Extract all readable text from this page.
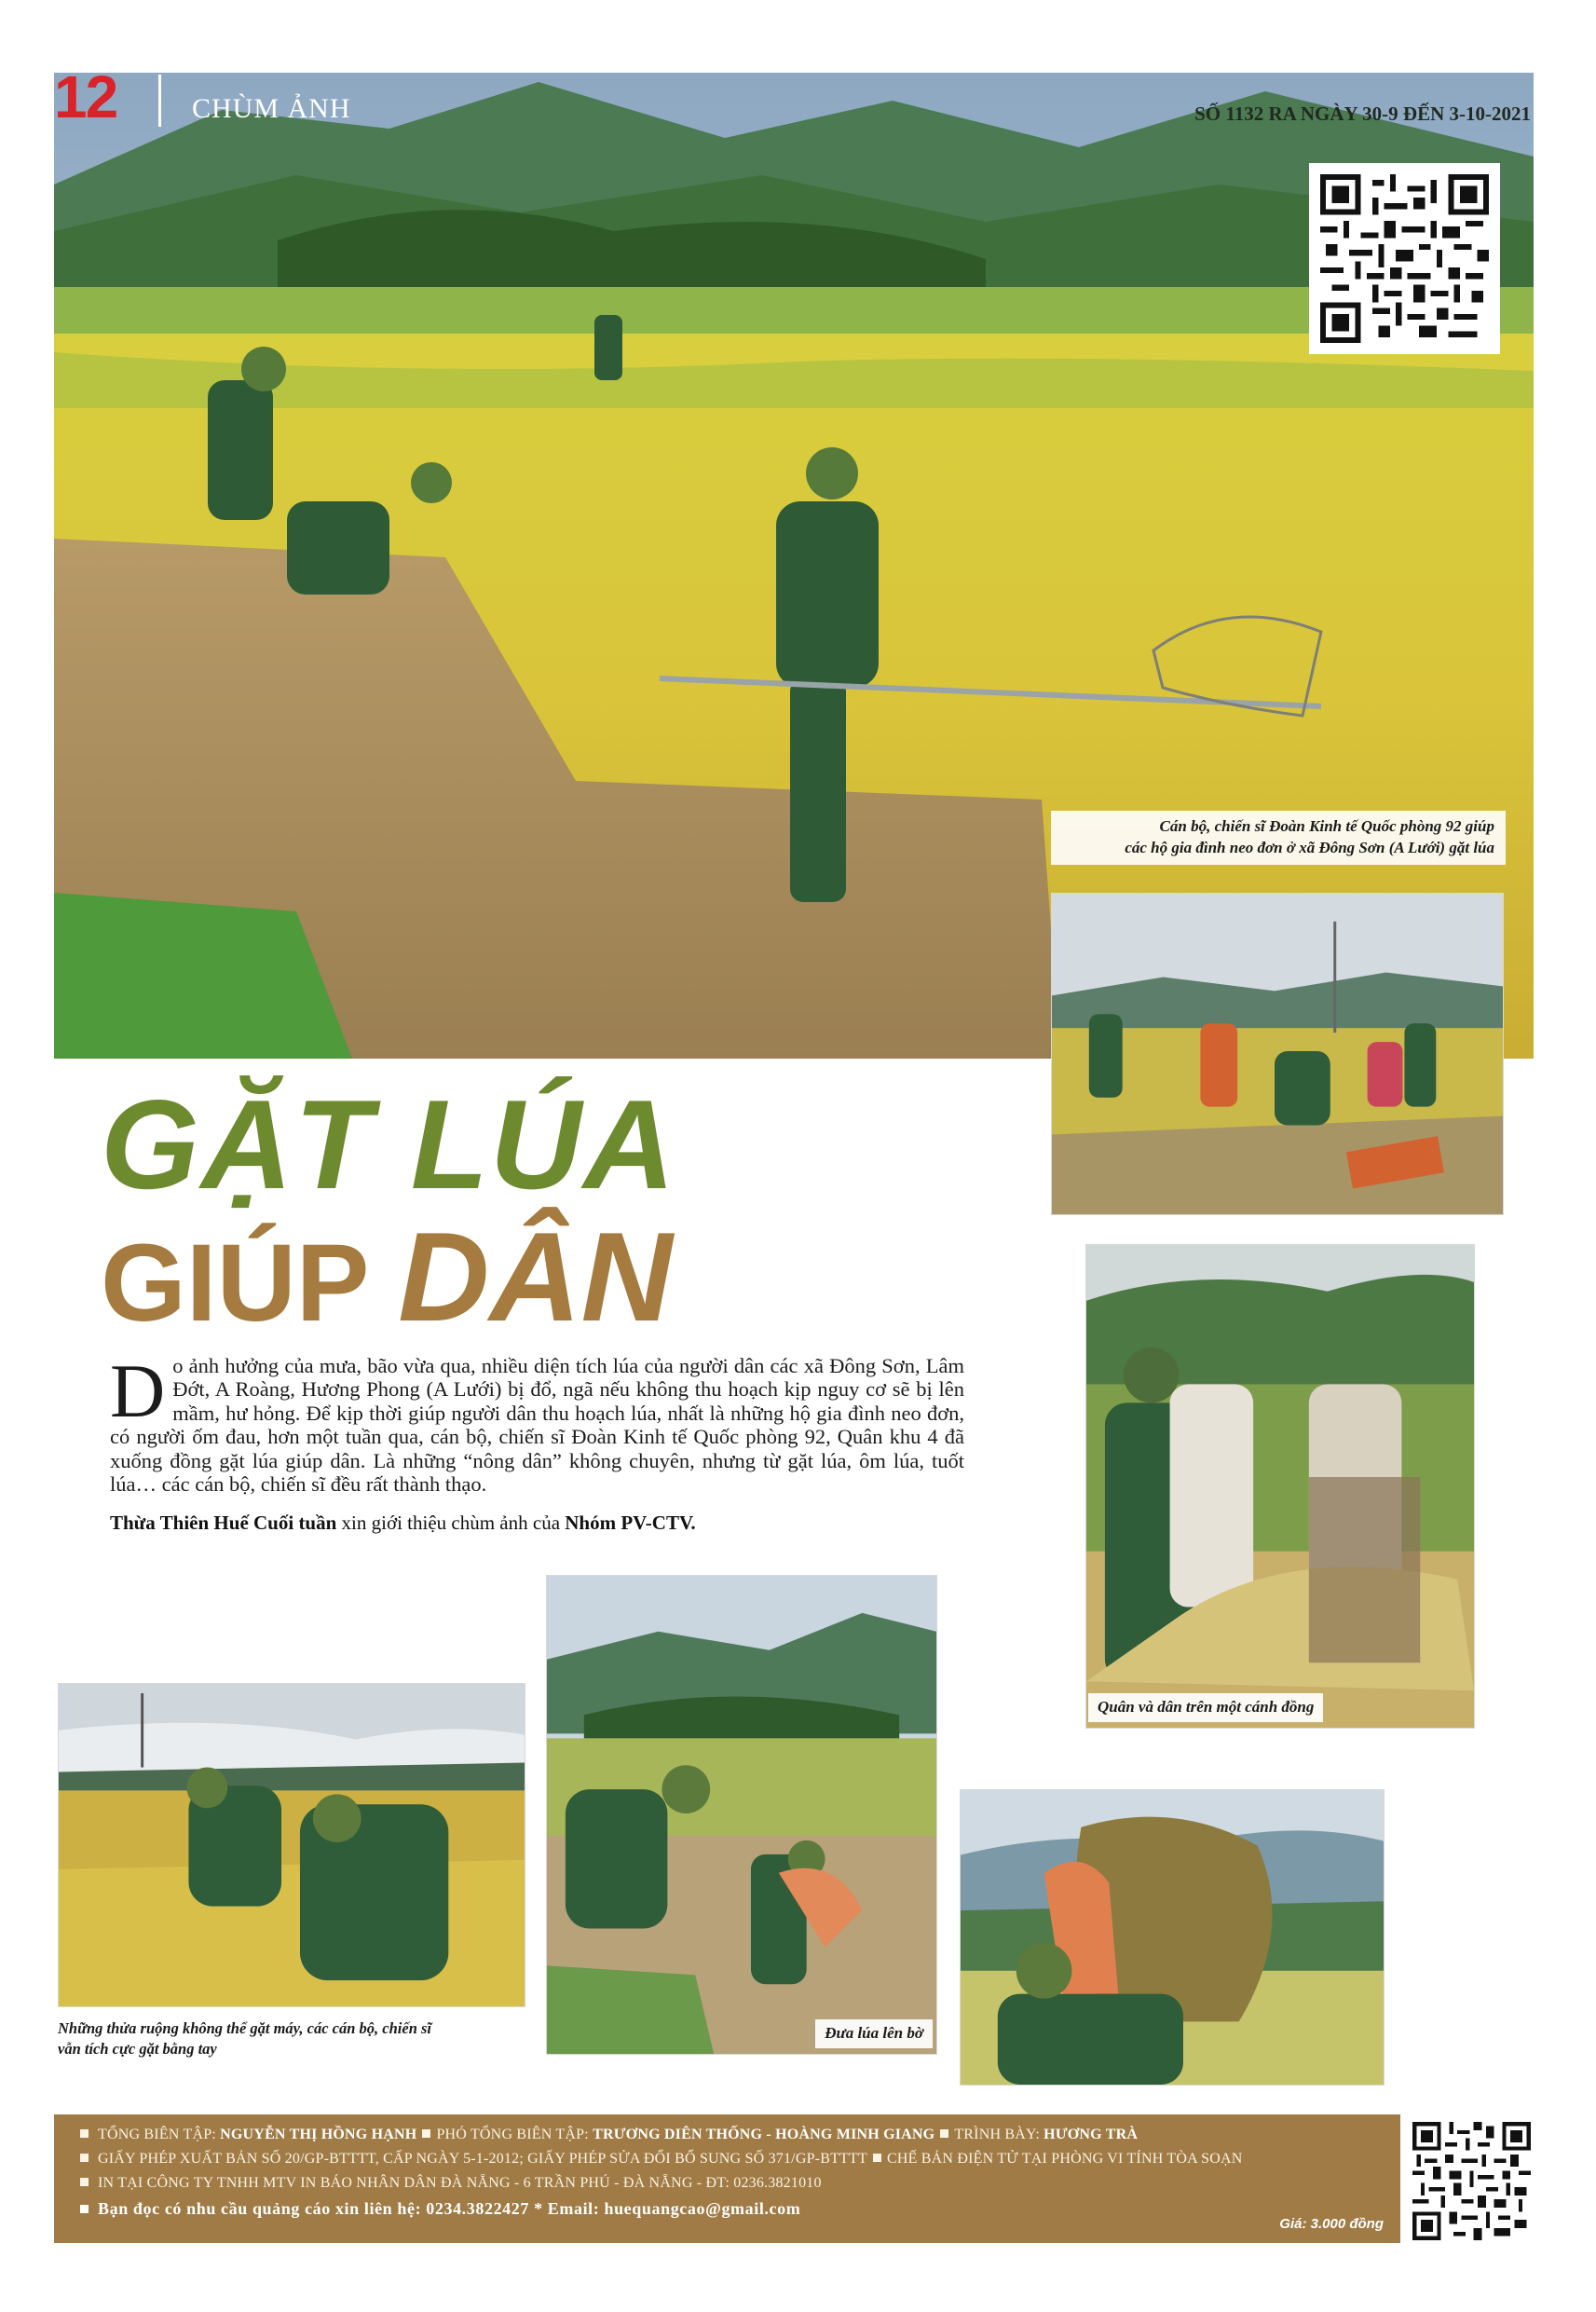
12	CHÙM ẢNH	SỐ 1132 RA NGÀY 30-9 ĐẾN 3-10-2021
Cán bộ, chiến sĩ Đoàn Kinh tế Quốc phòng 92 giúp
các hộ gia đình neo đơn ở xã Đông Sơn (A Lưới) gặt lúa
GẶT LÚA
GIÚP DÂN
Do ảnh hưởng của mưa, bão vừa qua, nhiều diện tích lúa của người dân các xã Đông Sơn, Lâm Đớt, A Roàng, Hương Phong (A Lưới) bị đổ, ngã nếu không thu hoạch kịp nguy cơ sẽ bị lên mầm, hư hỏng. Để kịp thời giúp người dân thu hoạch lúa, nhất là những hộ gia đình neo đơn, có người ốm đau, hơn một tuần qua, cán bộ, chiến sĩ Đoàn Kinh tế Quốc phòng 92, Quân khu 4 đã xuống đồng gặt lúa giúp dân. Là những “nông dân” không chuyên, nhưng từ gặt lúa, ôm lúa, tuốt lúa… các cán bộ, chiến sĩ đều rất thành thạo.
Thừa Thiên Huế Cuối tuần xin giới thiệu chùm ảnh của Nhóm PV-CTV.
Quân và dân trên một cánh đồng
Những thửa ruộng không thể gặt máy, các cán bộ, chiến sĩ
vẫn tích cực gặt bằng tay
Đưa lúa lên bờ
TỔNG BIÊN TẬP: NGUYỄN THỊ HỒNG HẠNH PHÓ TỔNG BIÊN TẬP: TRƯƠNG DIÊN THỐNG - HOÀNG MINH GIANG TRÌNH BÀY: HƯƠNG TRÀ
GIẤY PHÉP XUẤT BẢN SỐ 20/GP-BTTTT, CẤP NGÀY 5-1-2012; GIẤY PHÉP SỬA ĐỔI BỔ SUNG SỐ 371/GP-BTTTT CHẾ BẢN ĐIỆN TỬ TẠI PHÒNG VI TÍNH TÒA SOẠN
IN TẠI CÔNG TY TNHH MTV IN BÁO NHÂN DÂN ĐÀ NẴNG - 6 TRẦN PHÚ - ĐÀ NẴNG - ĐT: 0236.3821010
Bạn đọc có nhu cầu quảng cáo xin liên hệ: 0234.3822427 * Email: huequangcao@gmail.com
Giá: 3.000 đồng
